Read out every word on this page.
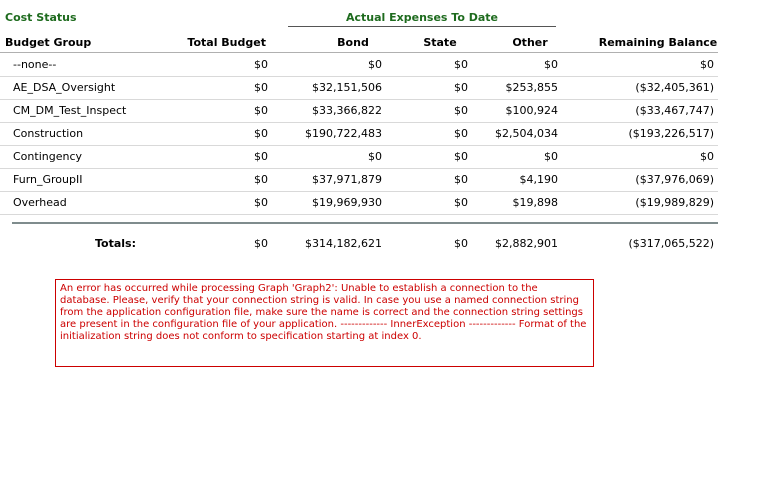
Cost Status	Actual Expenses To Date
Budget Group	Total Budget	Bond	State	Other	Remaining Balance
--none--	$0	$0	$0	$0	$0
AE_DSA_Oversight	$0	$32,151,506	$0	$253,855	($32,405,361)
CM_DM_Test_Inspect	$0	$33,366,822	$0	$100,924	($33,467,747)
Construction	$0	$190,722,483	$0	$2,504,034	($193,226,517)
Contingency	$0	$0	$0	$0	$0
Furn_GroupII	$0	$37,971,879	$0	$4,190	($37,976,069)
Overhead	$0	$19,969,930	$0	$19,898	($19,989,829)
Totals:	$0	$314,182,621	$0	$2,882,901	($317,065,522)
An error has occurred while processing Graph 'Graph2': Unable to establish a connection to the database. Please, verify that your connection string is valid. In case you use a named connection string from the application configuration file, make sure the name is correct and the connection string settings are present in the configuration file of your application. ------------- InnerException ------------- Format of the initialization string does not conform to specification starting at index 0.
